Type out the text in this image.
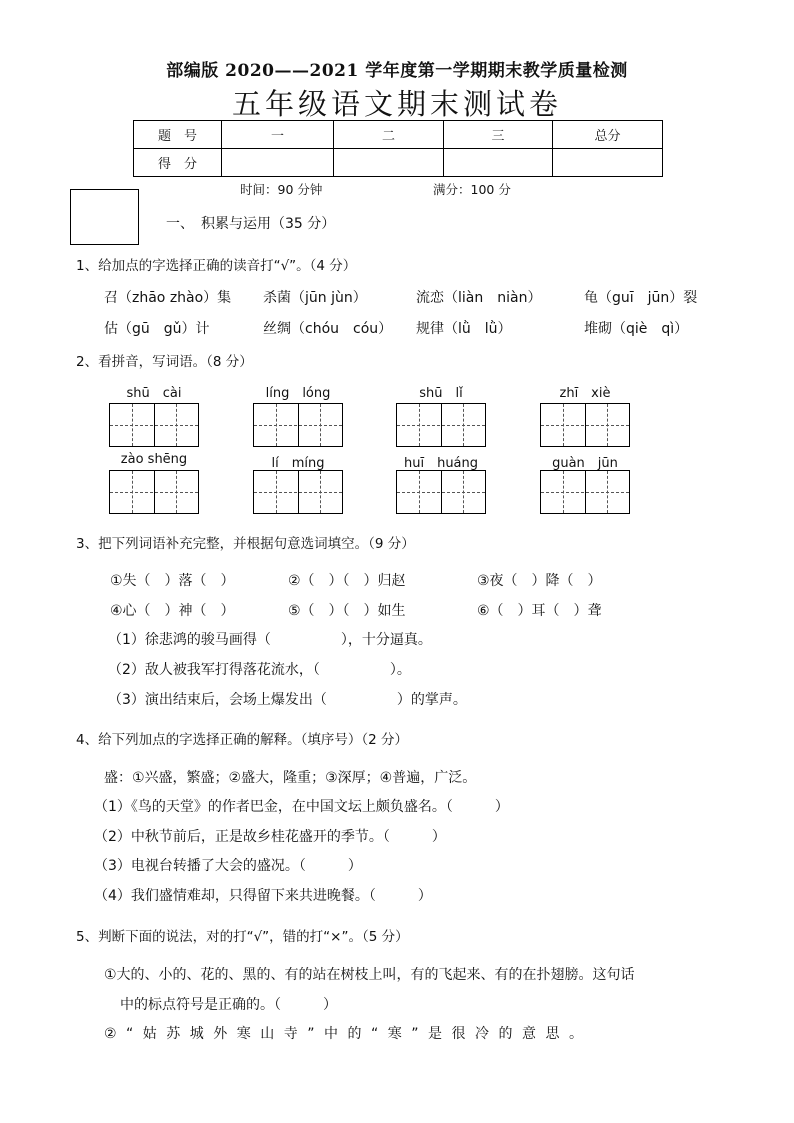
部编版 2020——2021 学年度第一学期期末教学质量检测
五年级语文期末测试卷
题　号	一	二	三	总分
得　分				
时间：90 分钟	满分：100 分
一、　积累与运用（35 分）
1、给加点的字选择正确的读音打“√”。（4 分）
召（zhāo zhào）集 杀菌（jūn jùn）	流恋（liàn　niàn）	龟（guī　jūn）裂
估（gū　gǔ）计	丝绸（chóu　cóu） 规律（lǜ　lǜ）	堆砌（qiè　qì）
2、看拼音，写词语。（8 分）
shū　cài	líng　lóng	shū　lǐ	zhī　xiè
zào shēng	lí　míng	huī　huáng	guàn　jūn
3、把下列词语补充完整，并根据句意选词填空。（9 分）
①失（　）落（　）	②（　）（　）归赵	③夜（　）降（　）
④心（　）神（　）	⑤（　）（　）如生	⑥（　）耳（　）聋
（1）徐悲鸿的骏马画得（　　　　　），十分逼真。
（2）敌人被我军打得落花流水，（　　　　　）。
（3）演出结束后，会场上爆发出（　　　　　）的掌声。
4、给下列加点的字选择正确的解释。（填序号）（2 分）
盛：①兴盛，繁盛；②盛大，隆重；③深厚；④普遍，广泛。
（1）《鸟的天堂》的作者巴金，在中国文坛上颇负盛名。（　　　）
（2）中秋节前后，正是故乡桂花盛开的季节。（　　　）
（3）电视台转播了大会的盛况。（　　　）
（4）我们盛情难却，只得留下来共进晚餐。（　　　）
5、判断下面的说法，对的打“√”，错的打“×”。（5 分）
①大的、小的、花的、黑的、有的站在树枝上叫，有的飞起来、有的在扑翅膀。这句话
中的标点符号是正确的。（　　　）
②“姑苏城外寒山寺”中的“寒”是很冷的意思。
